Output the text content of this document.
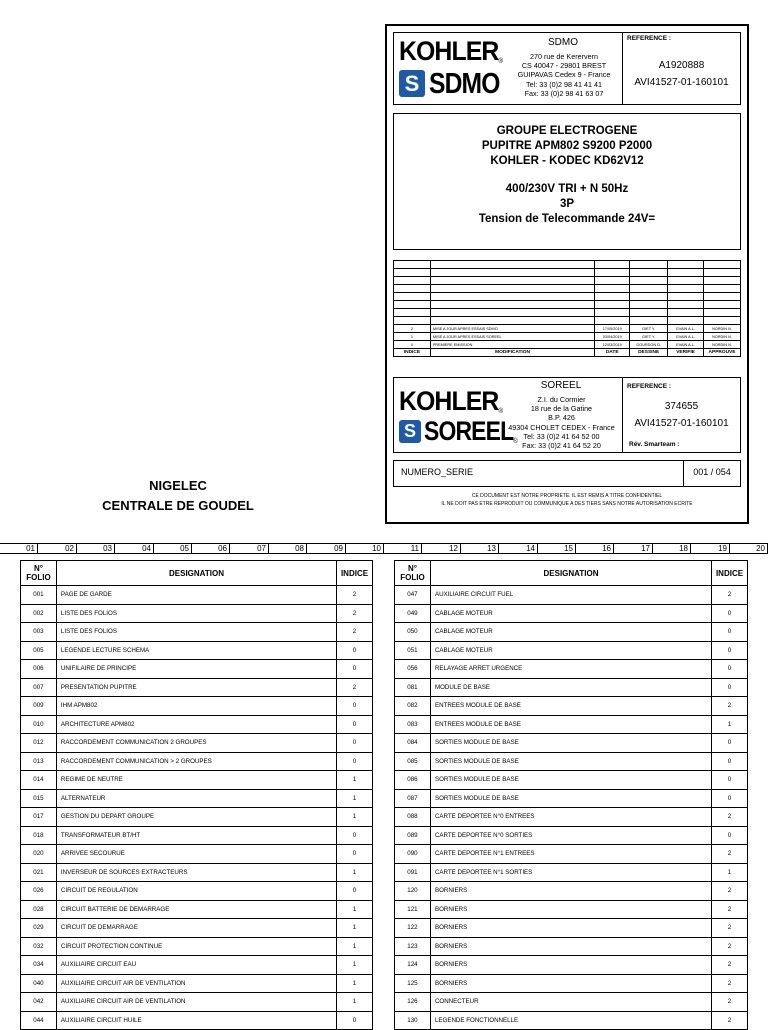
KOHLER®
S SDMO
SDMO
270 rue de Kerervern
CS 40047 - 29801 BREST
GUIPAVAS Cedex 9 - France
Tel: 33 (0)2 98 41 41 41
Fax: 33 (0)2 98 41 63 07
REFERENCE :
A1920888
AVI41527-01-160101
GROUPE ELECTROGENE
PUPITRE APM802 S9200 P2000
KOHLER - KODEC KD62V12
400/230V TRI + N 50Hz
3P
Tension de Telecommande 24V=

2	MISE A JOUR APRES ESSAIS SDMO	17/05/2019	GIET Y.	EVAIN A.L.	NORDIN N.
1	MISE A JOUR APRES ESSAIS SOREEL	03/04/2019	GIET Y.	EVAIN A.L.	NORDIN N.
0	PREMIERE EMISSION	12/03/2019	GOURDON D.	EVAIN A.L.	NORDIN N.
INDICE	MODIFICATION	DATE	DESSINE	VERIFIE	APPROUVE
KOHLER®
S SOREEL®
SOREEL
Z.I. du Cormier
18 rue de la Gatine
B.P. 426
49304 CHOLET CEDEX - France
Tel: 33 (0)2 41 64 52 00
Fax: 33 (0)2 41 64 52 20
REFERENCE :
374655
AVI41527-01-160101
Rév. Smarteam :
NUMERO_SERIE	001 / 054
CE DOCUMENT EST NOTRE PROPRIETE. IL EST REMIS A TITRE CONFIDENTIEL
IL NE DOIT PAS ETRE REPRODUIT OU COMMUNIQUE A DES TIERS SANS NOTRE AUTORISATION ECRITE
NIGELEC
CENTRALE DE GOUDEL
01	02	03	04	05	06	07	08	09	10	11	12	13	14	15	16	17	18	19	20
N°
FOLIO	DESIGNATION	INDICE
001	PAGE DE GARDE	2
002	LISTE DES FOLIOS	2
003	LISTE DES FOLIOS	2
005	LEGENDE LECTURE SCHEMA	0
006	UNIFILAIRE DE PRINCIPE	0
007	PRESENTATION PUPITRE	2
009	IHM APM802	0
010	ARCHITECTURE APM802	0
012	RACCORDEMENT COMMUNICATION 2 GROUPES	0
013	RACCORDEMENT COMMUNICATION > 2 GROUPES	0
014	REGIME DE NEUTRE	1
015	ALTERNATEUR	1
017	GESTION DU DEPART GROUPE	1
018	TRANSFORMATEUR BT/HT	0
020	ARRIVEE SECOURUE	0
021	INVERSEUR DE SOURCES EXTRACTEURS	1
026	CIRCUIT DE REGULATION	0
028	CIRCUIT BATTERIE DE DEMARRAGE	1
029	CIRCUIT DE DEMARRAGE	1
032	CIRCUIT PROTECTION CONTINUE	1
034	AUXILIAIRE CIRCUIT EAU	1
040	AUXILIAIRE CIRCUIT AIR DE VENTILATION	1
042	AUXILIAIRE CIRCUIT AIR DE VENTILATION	1
044	AUXILIAIRE CIRCUIT HUILE	0
N°
FOLIO	DESIGNATION	INDICE
047	AUXILIAIRE CIRCUIT FUEL	2
049	CABLAGE MOTEUR	0
050	CABLAGE MOTEUR	0
051	CABLAGE MOTEUR	0
056	RELAYAGE ARRET URGENCE	0
081	MODULE DE BASE	0
082	ENTREES MODULE DE BASE	2
083	ENTREES MODULE DE BASE	1
084	SORTIES MODULE DE BASE	0
085	SORTIES MODULE DE BASE	0
086	SORTIES MODULE DE BASE	0
087	SORTIES MODULE DE BASE	0
088	CARTE DEPORTEE N°0 ENTREES	2
089	CARTE DEPORTEE N°0 SORTIES	0
090	CARTE DEPORTEE N°1 ENTREES	2
091	CARTE DEPORTEE N°1 SORTIES	1
120	BORNIERS	2
121	BORNIERS	2
122	BORNIERS	2
123	BORNIERS	2
124	BORNIERS	2
125	BORNIERS	2
126	CONNECTEUR	2
130	LEGENDE FONCTIONNELLE	2
